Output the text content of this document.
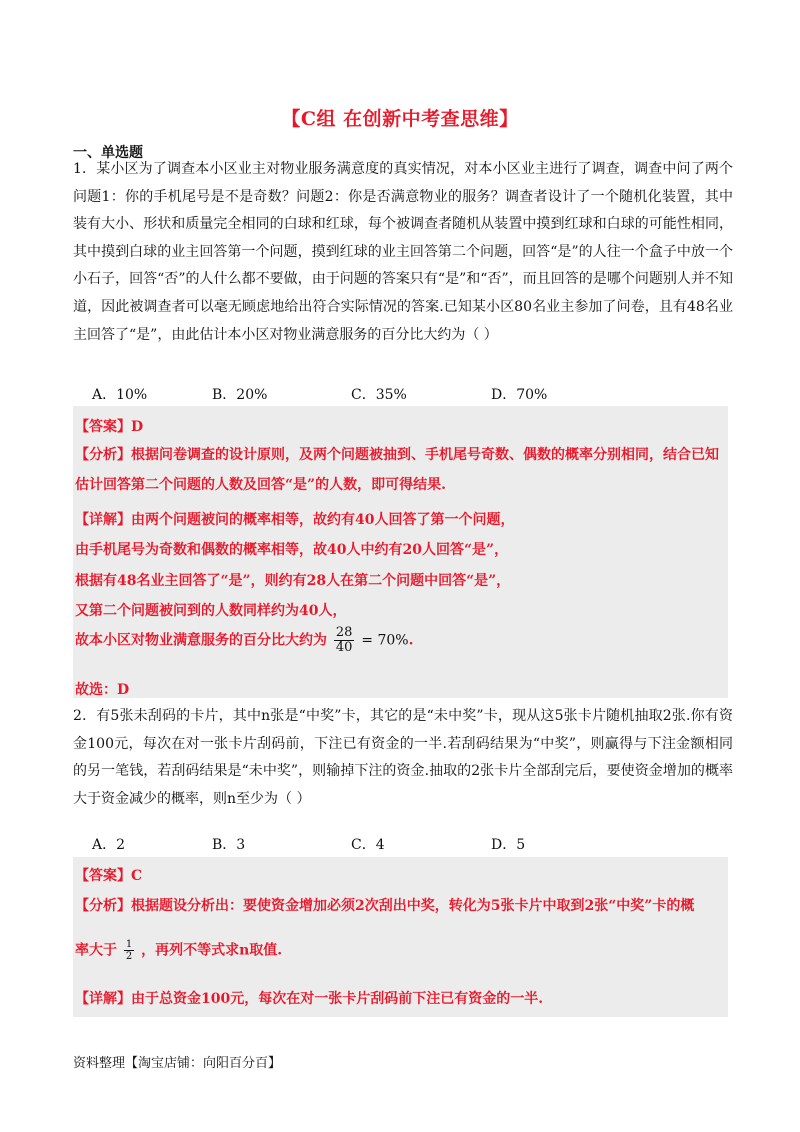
【C组 在创新中考查思维】
一、单选题

1．某小区为了调查本小区业主对物业服务满意度的真实情况，对本小区业主进行了调查，调查中问了两个问题1：你的手机尾号是不是奇数？问题2：你是否满意物业的服务？调查者设计了一个随机化装置，其中装有大小、形状和质量完全相同的白球和红球，每个被调查者随机从装置中摸到红球和白球的可能性相同，其中摸到白球的业主回答第一个问题，摸到红球的业主回答第二个问题，回答“是”的人往一个盒子中放一个小石子，回答“否”的人什么都不要做，由于问题的答案只有“是”和“否”，而且回答的是哪个问题别人并不知道，因此被调查者可以毫无顾虑地给出符合实际情况的答案.已知某小区80名业主参加了问卷，且有48名业主回答了“是”，由此估计本小区对物业满意服务的百分比大约为（ ）

A．10%	B．20%	C．35%	D．70%
【答案】D
【分析】根据问卷调查的设计原则，及两个问题被抽到、手机尾号奇数、偶数的概率分别相同，结合已知
估计回答第二个问题的人数及回答“是”的人数，即可得结果.
【详解】由两个问题被问的概率相等，故约有40人回答了第一个问题，
由手机尾号为奇数和偶数的概率相等，故40人中约有20人回答“是”，
根据有48名业主回答了“是”，则约有28人在第二个问题中回答“是”，
又第二个问题被问到的人数同样约为40人，
故本小区对物业满意服务的百分比大约为 $\frac{28}{40} = 70\%$.
故选：D

2．有5张未刮码的卡片，其中n张是“中奖”卡，其它的是“未中奖”卡，现从这5张卡片随机抽取2张.你有资金100元，每次在对一张卡片刮码前，下注已有资金的一半.若刮码结果为“中奖”，则赢得与下注金额相同的另一笔钱，若刮码结果是“未中奖”，则输掉下注的资金.抽取的2张卡片全部刮完后，要使资金增加的概率大于资金减少的概率，则n至少为（ ）

A．2	B．3	C．4	D．5
【答案】C
【分析】根据题设分析出：要使资金增加必须2次刮出中奖，转化为5张卡片中取到2张“中奖”卡的概
率大于 $\frac{1}{2}$ ，再列不等式求n取值.
【详解】由于总资金100元，每次在对一张卡片刮码前下注已有资金的一半.
资料整理【淘宝店铺：向阳百分百】
